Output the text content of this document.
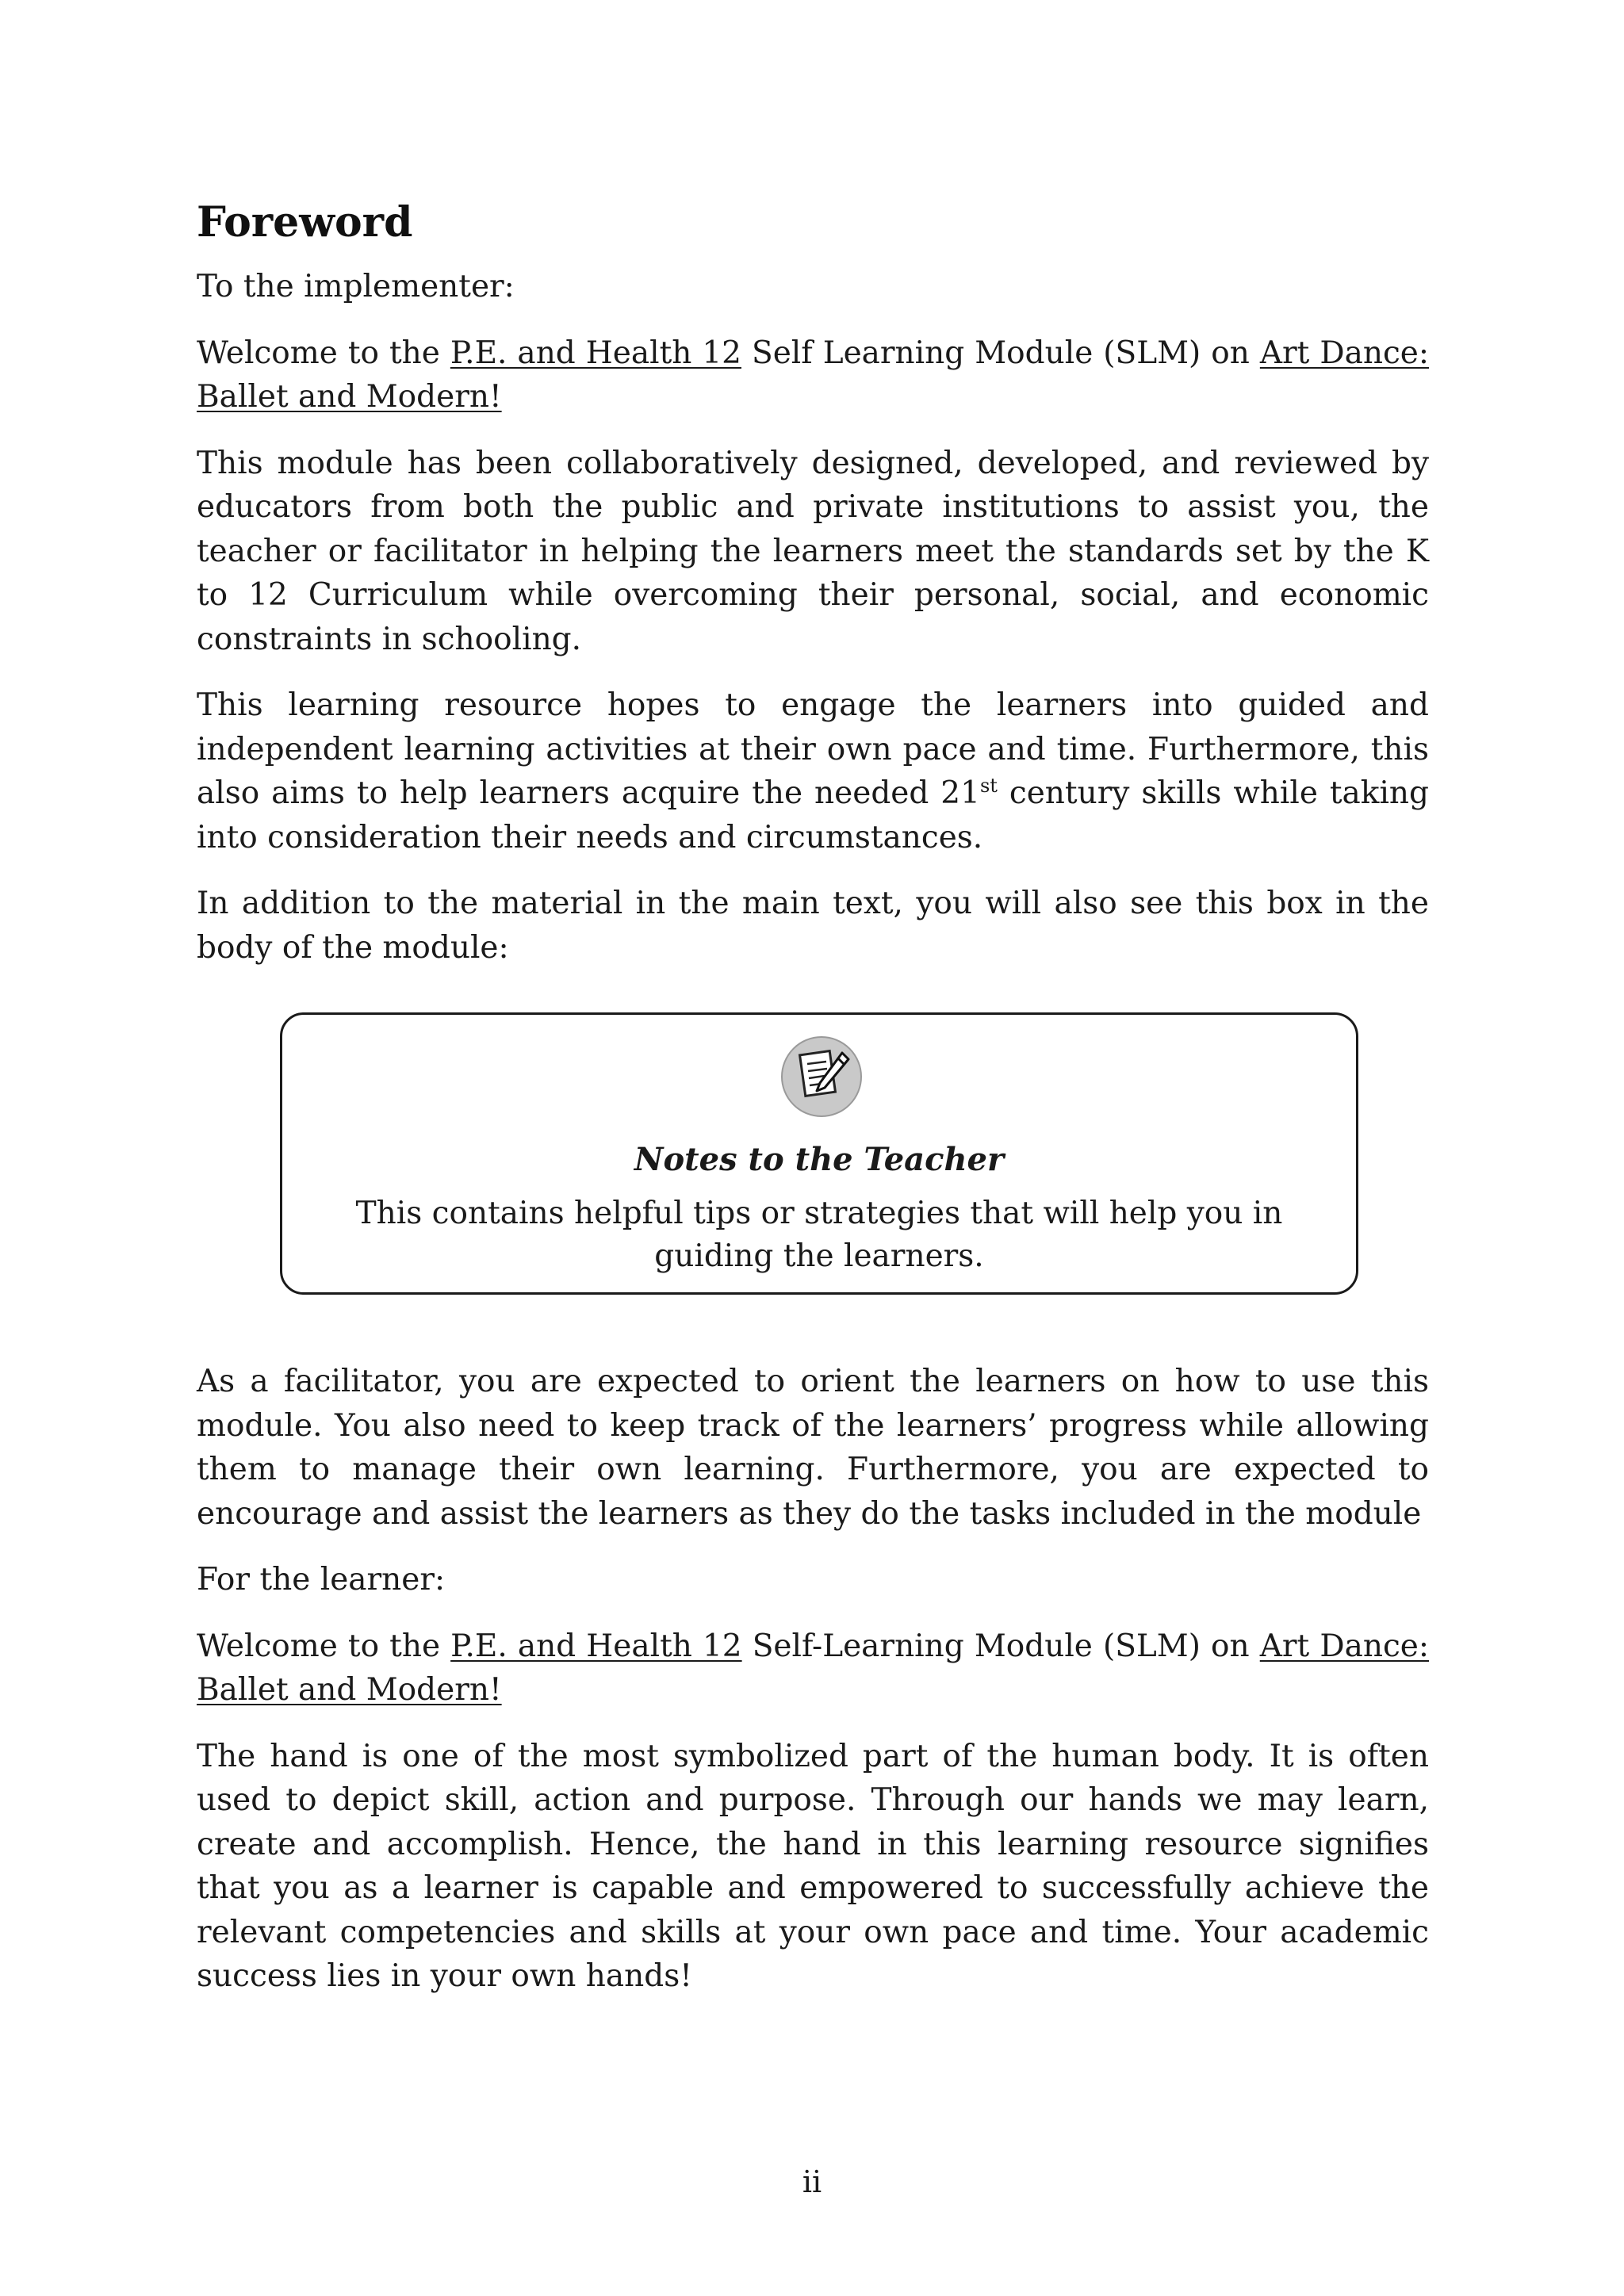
Foreword

To the implementer:

Welcome to the P.E. and Health 12 Self Learning Module (SLM) on Art Dance: Ballet and Modern!

This module has been collaboratively designed, developed, and reviewed by educators from both the public and private institutions to assist you, the teacher or facilitator in helping the learners meet the standards set by the K to 12 Curriculum while overcoming their personal, social, and economic constraints in schooling.

This learning resource hopes to engage the learners into guided and independent learning activities at their own pace and time. Furthermore, this also aims to help learners acquire the needed 21st century skills while taking into consideration their needs and circumstances.

In addition to the material in the main text, you will also see this box in the body of the module:

Notes to the Teacher
This contains helpful tips or strategies that will help you in guiding the learners.

As a facilitator, you are expected to orient the learners on how to use this module. You also need to keep track of the learners’ progress while allowing them to manage their own learning. Furthermore, you are expected to encourage and assist the learners as they do the tasks included in the module

For the learner:

Welcome to the P.E. and Health 12 Self-Learning Module (SLM) on Art Dance: Ballet and Modern!

The hand is one of the most symbolized part of the human body. It is often used to depict skill, action and purpose. Through our hands we may learn, create and accomplish. Hence, the hand in this learning resource signifies that you as a learner is capable and empowered to successfully achieve the relevant competencies and skills at your own pace and time. Your academic success lies in your own hands!

ii
